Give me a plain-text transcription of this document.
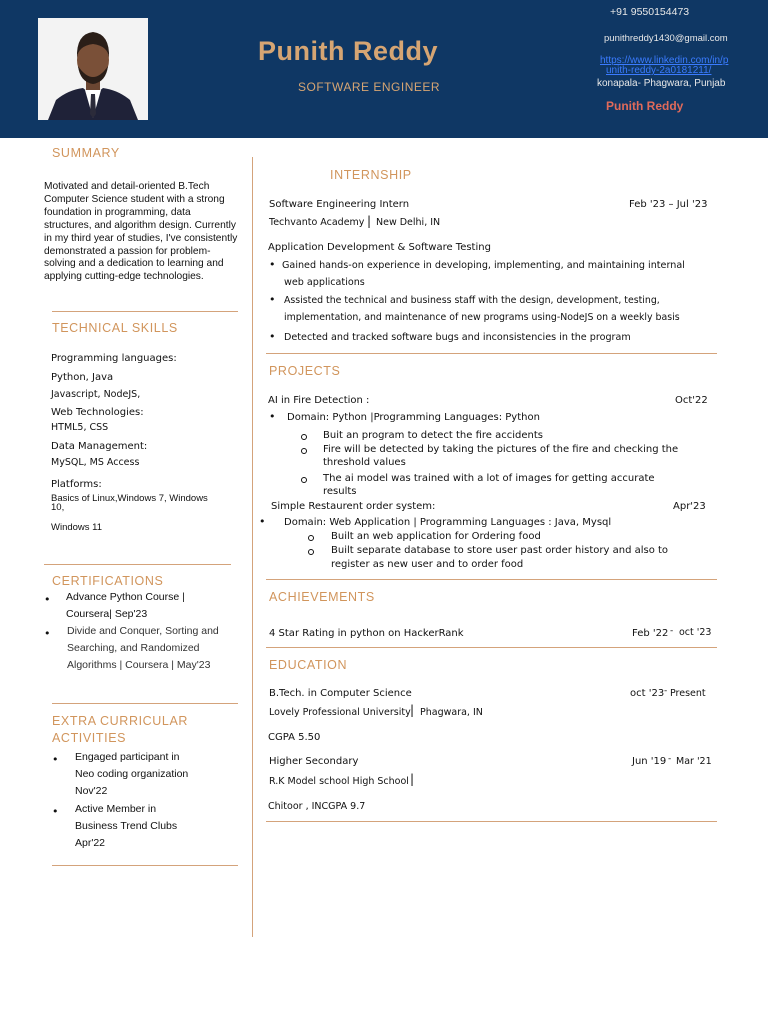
Punith Reddy
SOFTWARE ENGINEER
+91 9550154473
punithreddy1430@gmail.com
https://www.linkedin.com/in/p
unith-reddy-2a0181211/
konapala- Phagwara, Punjab
Punith Reddy
SUMMARY
Motivated and detail-oriented B.Tech Computer Science student with a strong foundation in programming, data structures, and algorithm design. Currently in my third year of studies, I've consistently demonstrated a passion for problem-solving and a dedication to learning and applying cutting-edge technologies.
TECHNICAL SKILLS
Programming languages:
Python, Java
Javascript, NodeJS,
Web Technologies:
HTML5, CSS
Data Management:
MySQL, MS Access
Platforms:
Basics of Linux,Windows 7, Windows
10,
Windows 11
CERTIFICATIONS
• Advance Python Course |
Coursera| Sep'23
• Divide and Conquer, Sorting and
Searching, and Randomized
Algorithms | Coursera | May'23
EXTRA CURRICULAR
ACTIVITIES
• Engaged participant in
Neo coding organization
Nov'22
• Active Member in
Business Trend Clubs
Apr'22
INTERNSHIP
Software Engineering Intern	Feb '23 – Jul '23
Techvanto Academy | New Delhi, IN
Application Development & Software Testing
• Gained hands-on experience in developing, implementing, and maintaining internal
web applications
• Assisted the technical and business staff with the design, development, testing,
implementation, and maintenance of new programs using-NodeJS on a weekly basis
• Detected and tracked software bugs and inconsistencies in the program
PROJECTS
AI in Fire Detection :	Oct'22
• Domain: Python |Programming Languages: Python
Buit an program to detect the fire accidents
Fire will be detected by taking the pictures of the fire and checking the
threshold values
The ai model was trained with a lot of images for getting accurate
results
Simple Restaurent order system:	Apr'23
• Domain: Web Application | Programming Languages : Java, Mysql
Built an web application for Ordering food
Built separate database to store user past order history and also to
register as new user and to order food
ACHIEVEMENTS
4 Star Rating in python on HackerRank	Feb '22 - oct '23
EDUCATION
B.Tech. in Computer Science	oct '23 - Present
Lovely Professional University | Phagwara, IN
CGPA 5.50
Higher Secondary	Jun '19 - Mar '21
R.K Model school High School |
Chitoor , INCGPA 9.7
